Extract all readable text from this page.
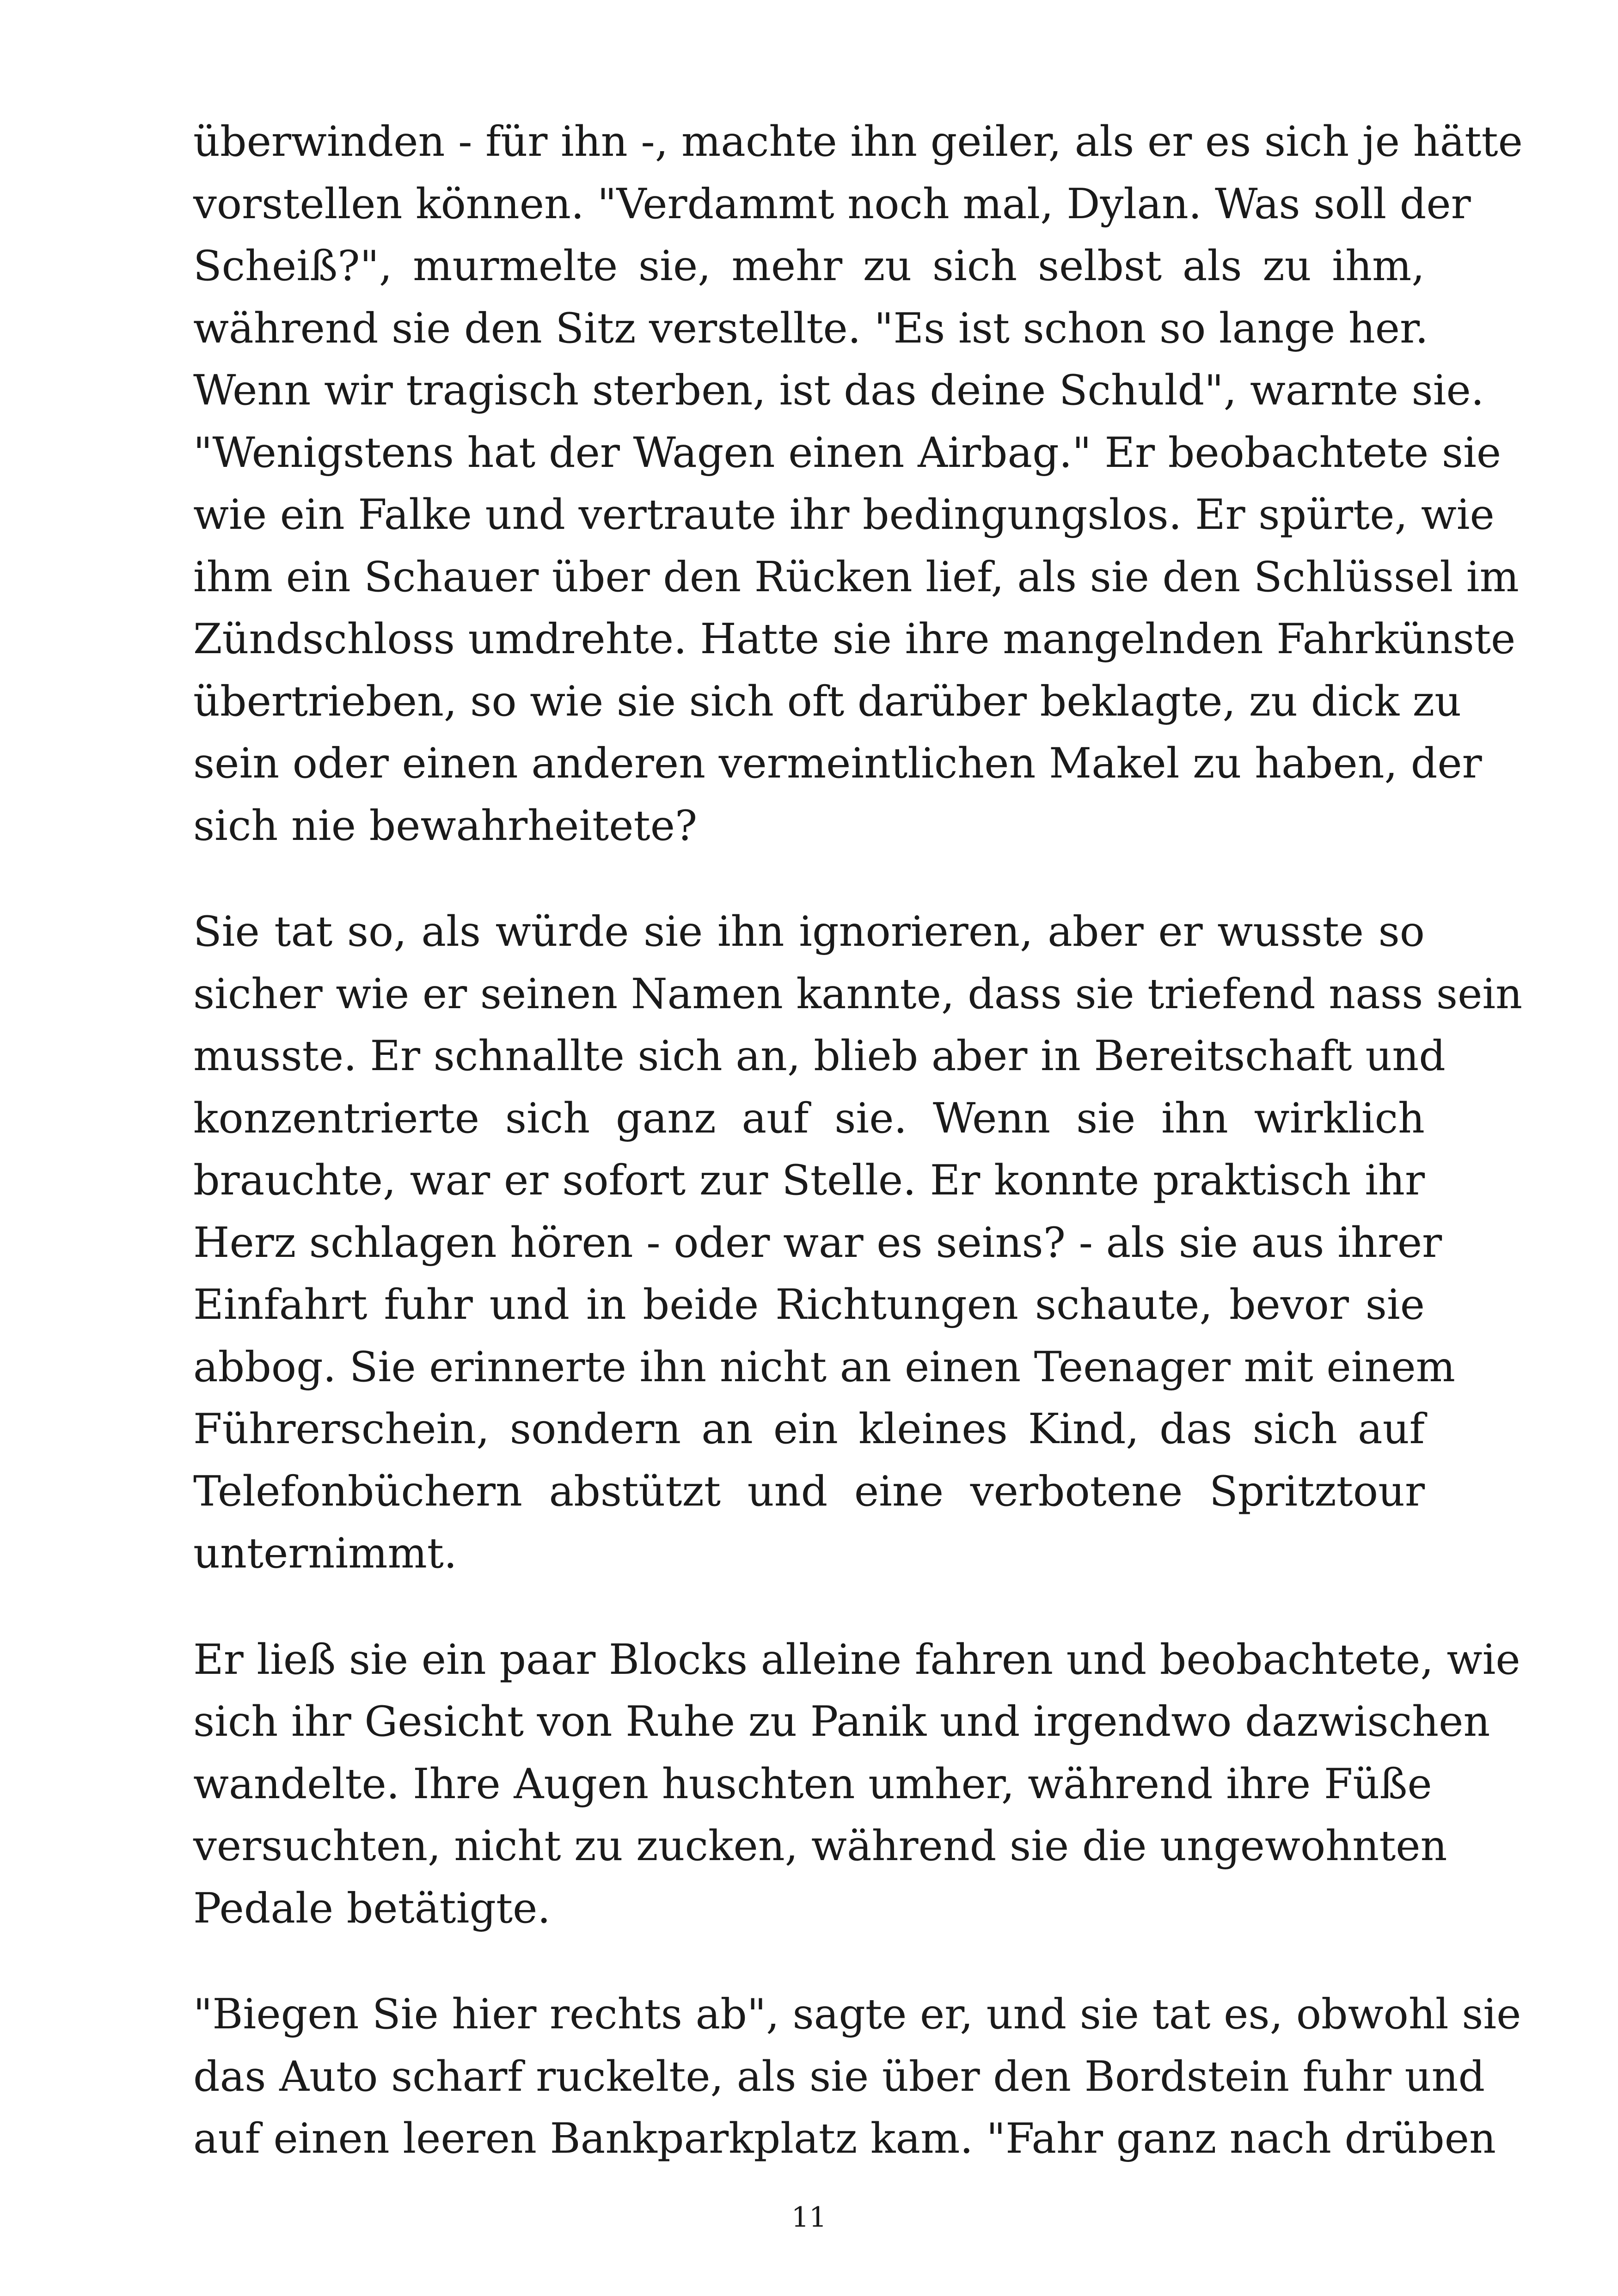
überwinden - für ihn -, machte ihn geiler, als er es sich je hätte
vorstellen können. "Verdammt noch mal, Dylan. Was soll der
Scheiß?", murmelte sie, mehr zu sich selbst als zu ihm,
während sie den Sitz verstellte. "Es ist schon so lange her.
Wenn wir tragisch sterben, ist das deine Schuld", warnte sie.
"Wenigstens hat der Wagen einen Airbag." Er beobachtete sie
wie ein Falke und vertraute ihr bedingungslos. Er spürte, wie
ihm ein Schauer über den Rücken lief, als sie den Schlüssel im
Zündschloss umdrehte. Hatte sie ihre mangelnden Fahrkünste
übertrieben, so wie sie sich oft darüber beklagte, zu dick zu
sein oder einen anderen vermeintlichen Makel zu haben, der
sich nie bewahrheitete?
Sie tat so, als würde sie ihn ignorieren, aber er wusste so
sicher wie er seinen Namen kannte, dass sie triefend nass sein
musste. Er schnallte sich an, blieb aber in Bereitschaft und
konzentrierte sich ganz auf sie. Wenn sie ihn wirklich
brauchte, war er sofort zur Stelle. Er konnte praktisch ihr
Herz schlagen hören - oder war es seins? - als sie aus ihrer
Einfahrt fuhr und in beide Richtungen schaute, bevor sie
abbog. Sie erinnerte ihn nicht an einen Teenager mit einem
Führerschein, sondern an ein kleines Kind, das sich auf
Telefonbüchern abstützt und eine verbotene Spritztour
unternimmt.
Er ließ sie ein paar Blocks alleine fahren und beobachtete, wie
sich ihr Gesicht von Ruhe zu Panik und irgendwo dazwischen
wandelte. Ihre Augen huschten umher, während ihre Füße
versuchten, nicht zu zucken, während sie die ungewohnten
Pedale betätigte.
"Biegen Sie hier rechts ab", sagte er, und sie tat es, obwohl sie
das Auto scharf ruckelte, als sie über den Bordstein fuhr und
auf einen leeren Bankparkplatz kam. "Fahr ganz nach drüben
11
